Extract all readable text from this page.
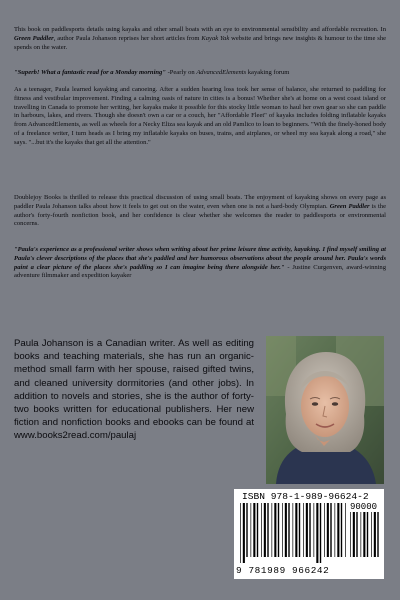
This book on paddlesports details using kayaks and other small boats with an eye to environmental sensibility and affordable recreation. In Green Paddler, author Paula Johanson reprises her short articles from Kayak Yak website and brings new insights & humour to the time she spends on the water.

"Superb! What a fantastic read for a Monday morning" -Pearly on AdvancedElements kayaking forum

As a teenager, Paula learned kayaking and canoeing. After a sudden hearing loss took her sense of balance, she returned to paddling for fitness and vestibular improvement. Finding a calming oasis of nature in cities is a bonus! Whether she's at home on a west coast island or travelling in Canada to promote her writing, her kayaks make it possible for this stocky little woman to haul her own gear so she can paddle in harbours, lakes, and rivers. Though she doesn't own a car or a couch, her "Affordable Fleet" of kayaks includes folding inflatable kayaks from AdvancedElements, as well as wheels for a Necky Eliza sea kayak and an old Pamlico to loan to beginners. "With the finely-honed body of a freelance writer, I turn heads as I bring my inflatable kayaks on buses, trains, and airplanes, or wheel my sea kayak along a road," she says. "...but it's the kayaks that get all the attention."

Doublejoy Books is thrilled to release this practical discussion of using small boats. The enjoyment of kayaking shows on every page as paddler Paula Johanson talks about how it feels to get out on the water, even when one is not a hard-body Olympian. Green Paddler is the author's forty-fourth nonfiction book, and her confidence is clear whether she welcomes the reader to paddlesports or environmental concerns.

"Paula's experience as a professional writer shows when writing about her prime leisure time activity, kayaking. I find myself smiling at Paula's clever descriptions of the places that she's paddled and her humorous observations about the people around her. Paula's words paint a clear picture of the places she's paddling so I can imagine being there alongside her." - Justine Curgenven, award-winning adventure filmmaker and expedition kayaker

Paula Johanson is a Canadian writer. As well as editing books and teaching materials, she has run an organic-method small farm with her spouse, raised gifted twins, and cleaned university dormitories (and other jobs). In addition to novels and stories, she is the author of forty-two books written for educational publishers. Her new fiction and nonfiction books and ebooks can be found at www.books2read.com/paulaj

ISBN 978-1-989-96624-2
90000
9 781989 966242
